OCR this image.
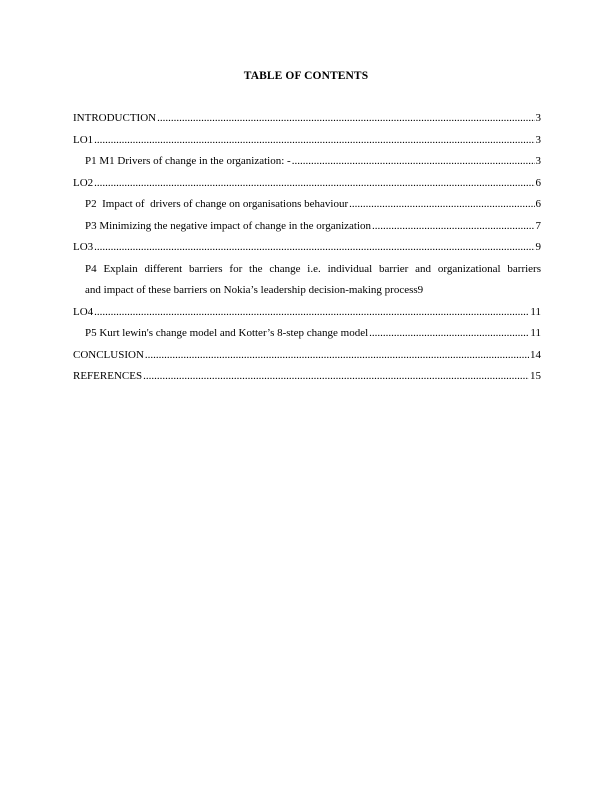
TABLE OF CONTENTS
INTRODUCTION .....	3
LO1 .....	3
P1 M1 Drivers of change in the organization: - .....	3
LO2 .....	6
P2  Impact of  drivers of change on organisations behaviour .....	6
P3 Minimizing the negative impact of change in the organization .....	7
LO3 .....	9
P4 Explain different barriers for the change i.e. individual barrier and organizational barriers
and impact of these barriers on Nokia’s leadership decision-making process 9
LO4 .....	11
P5 Kurt lewin's change model and Kotter’s 8-step change model .....	11
CONCLUSION .....	14
REFERENCES .....	15
